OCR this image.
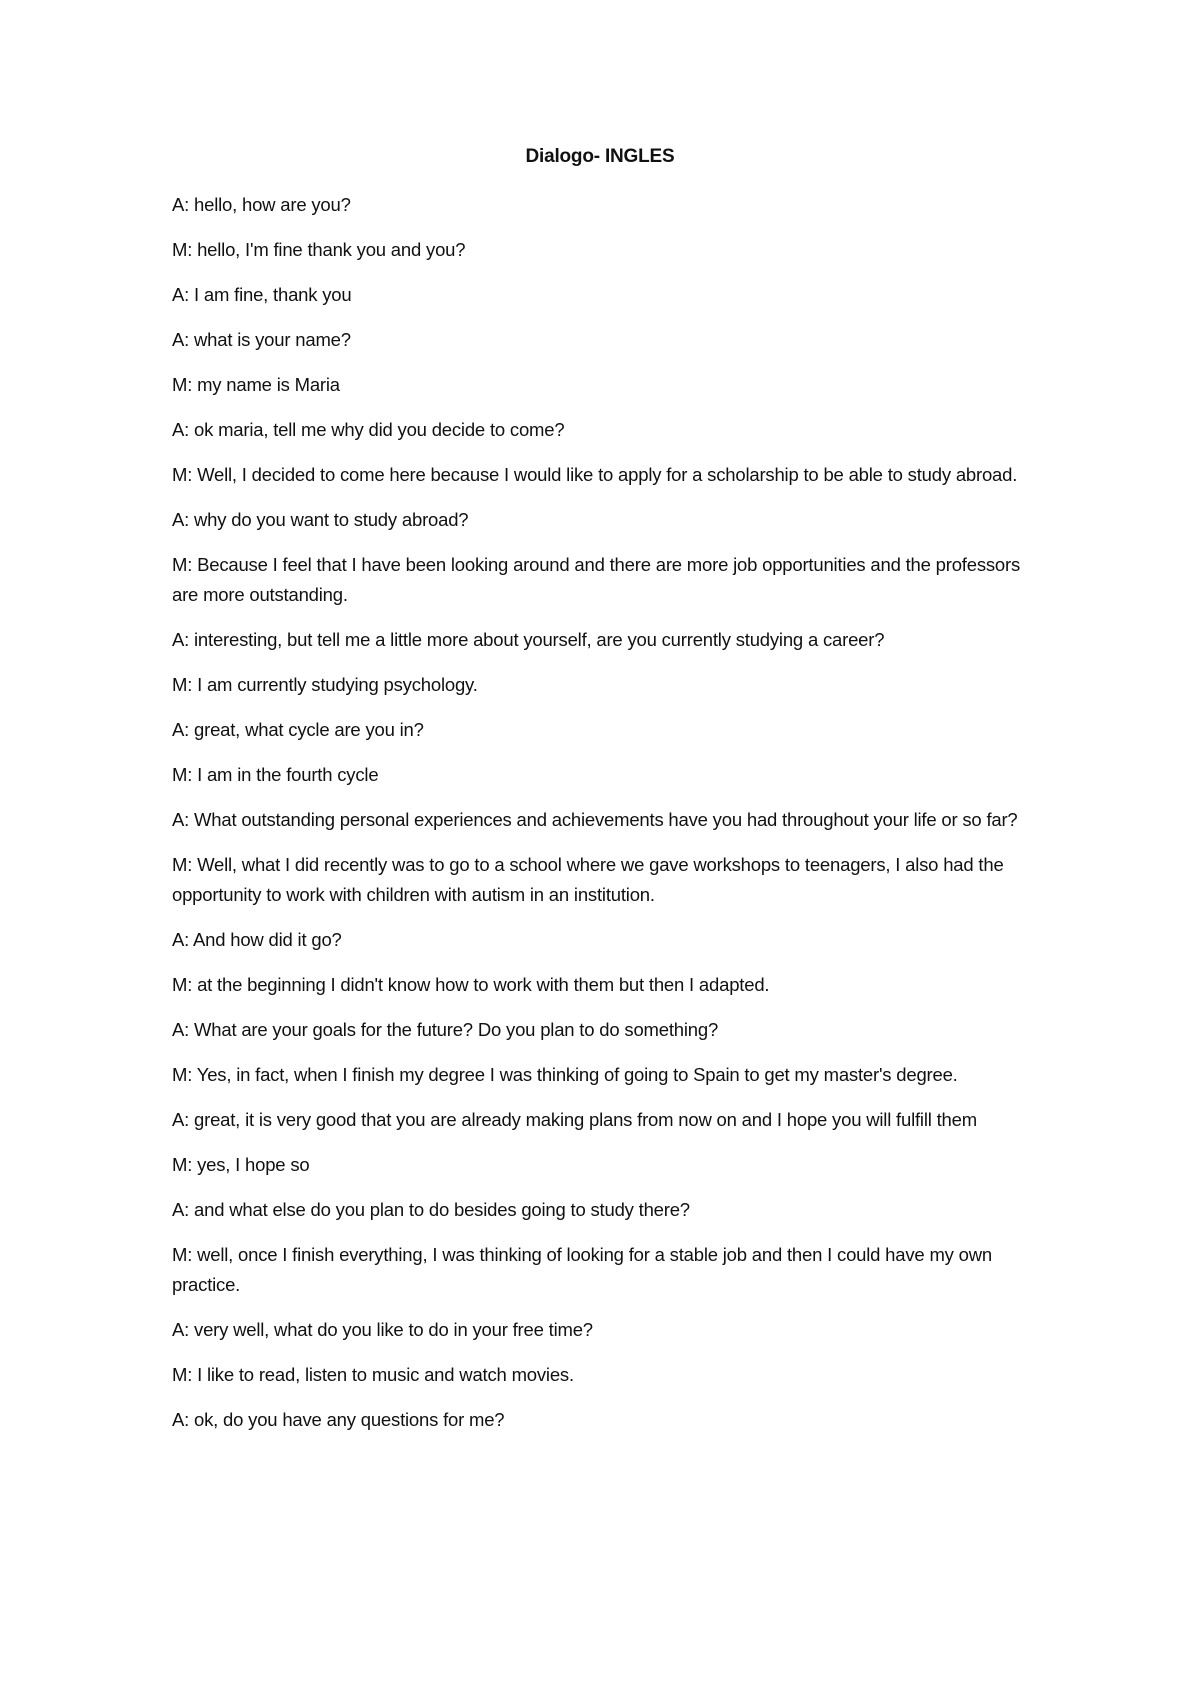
Dialogo- INGLES
A: hello, how are you?
M: hello, I'm fine thank you and you?
A: I am fine, thank you
A: what is your name?
M: my name is Maria
A: ok maria, tell me why did you decide to come?
M: Well, I decided to come here because I would like to apply for a scholarship to be able to study abroad.
A: why do you want to study abroad?
M: Because I feel that I have been looking around and there are more job opportunities and the professors are more outstanding.
A: interesting, but tell me a little more about yourself, are you currently studying a career?
M: I am currently studying psychology.
A: great, what cycle are you in?
M: I am in the fourth cycle
A: What outstanding personal experiences and achievements have you had throughout your life or so far?
M: Well, what I did recently was to go to a school where we gave workshops to teenagers, I also had the opportunity to work with children with autism in an institution.
A: And how did it go?
M: at the beginning I didn't know how to work with them but then I adapted.
A: What are your goals for the future? Do you plan to do something?
M: Yes, in fact, when I finish my degree I was thinking of going to Spain to get my master's degree.
A: great, it is very good that you are already making plans from now on and I hope you will fulfill them
M: yes, I hope so
A: and what else do you plan to do besides going to study there?
M: well, once I finish everything, I was thinking of looking for a stable job and then I could have my own practice.
A: very well, what do you like to do in your free time?
M: I like to read, listen to music and watch movies.
A: ok, do you have any questions for me?
